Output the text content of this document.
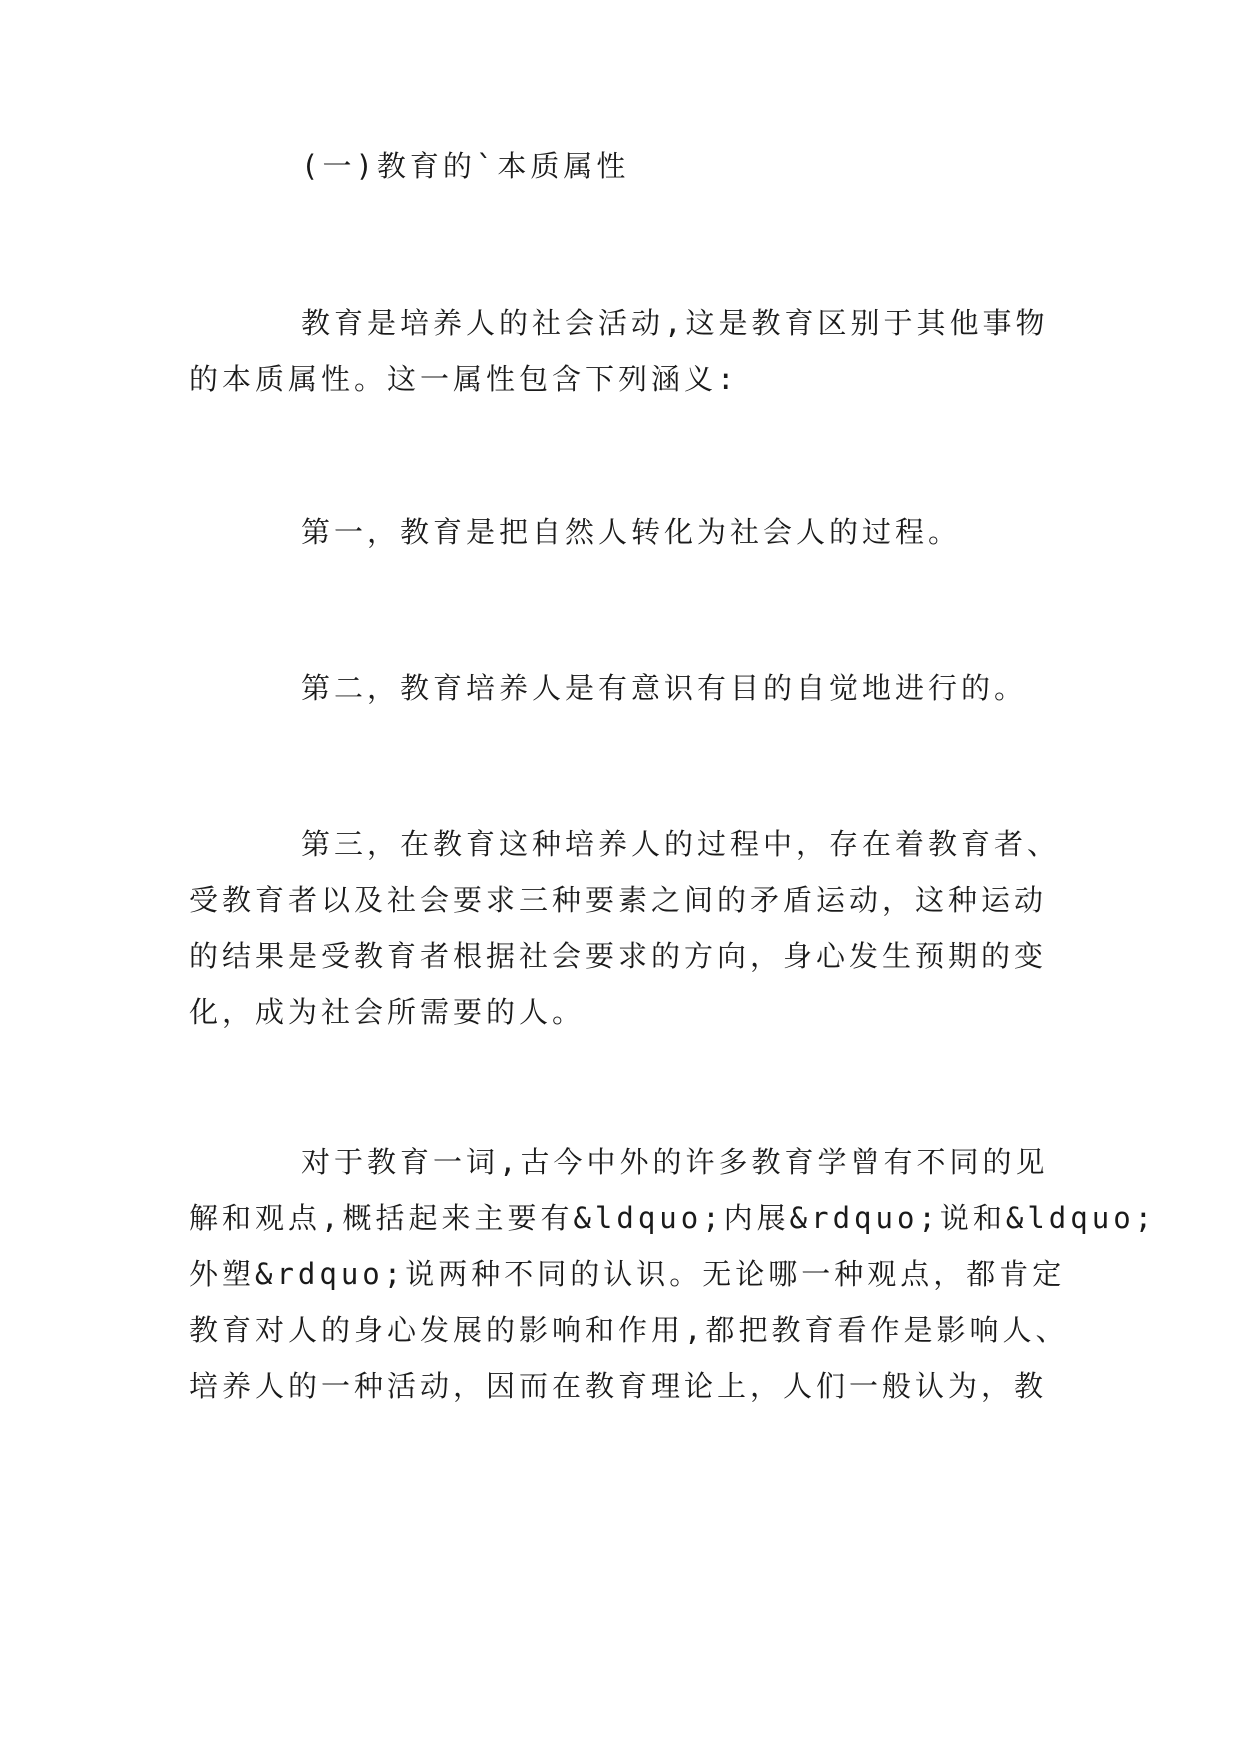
(一)教育的`本质属性

教育是培养人的社会活动,这是教育区别于其他事物
的本质属性。这一属性包含下列涵义:

第一，教育是把自然人转化为社会人的过程。

第二，教育培养人是有意识有目的自觉地进行的。

第三，在教育这种培养人的过程中，存在着教育者、
受教育者以及社会要求三种要素之间的矛盾运动，这种运动
的结果是受教育者根据社会要求的方向，身心发生预期的变
化，成为社会所需要的人。

对于教育一词,古今中外的许多教育学曾有不同的见
解和观点,概括起来主要有&ldquo;内展&rdquo;说和&ldquo;
外塑&rdquo;说两种不同的认识。无论哪一种观点，都肯定
教育对人的身心发展的影响和作用,都把教育看作是影响人、
培养人的一种活动，因而在教育理论上，人们一般认为，教
